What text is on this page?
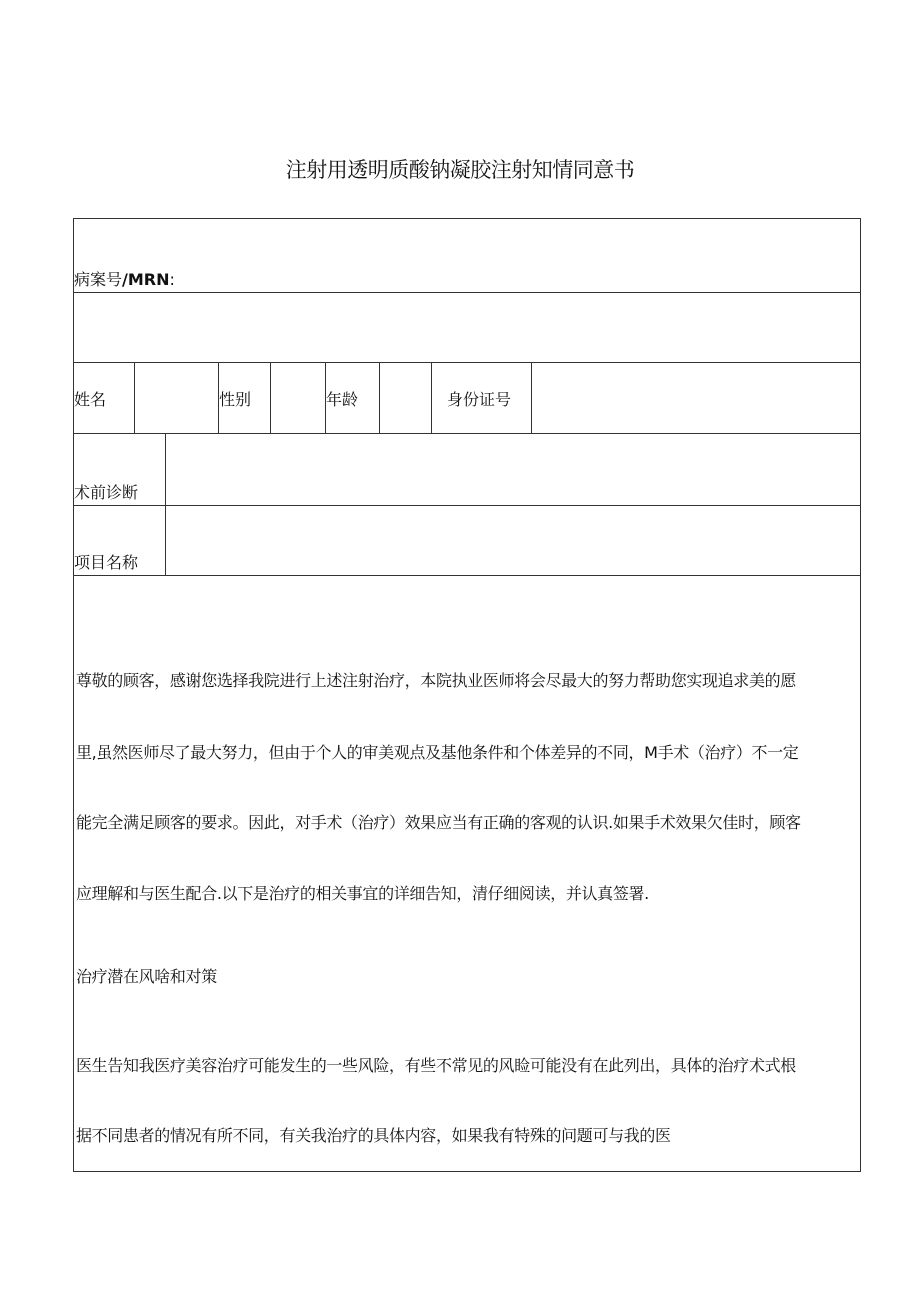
注射用透明质酸钠凝胶注射知情同意书
病案号/MRN:
姓名	性别	年龄	身份证号
术前诊断
项目名称
尊敬的顾客，感谢您选择我院进行上述注射治疗，本院执业医师将会尽最大的努力帮助您实现追求美的愿
里,虽然医师尽了最大努力，但由于个人的审美观点及基他条件和个体差异的不同，M手术（治疗）不一定
能完全满足顾客的要求。因此，对手术（治疗）效果应当有正确的客观的认识.如果手术效果欠佳时，顾客
应理解和与医生配合.以下是治疗的相关事宜的详细告知，清仔细阅读，并认真签署.
治疗潜在风啥和对策
医生告知我医疗美容治疗可能发生的一些风险，有些不常见的风睑可能没有在此列出，具体的治疗术式根
据不同患者的情况有所不同，有关我治疗的具体内容，如果我有特殊的问题可与我的医
